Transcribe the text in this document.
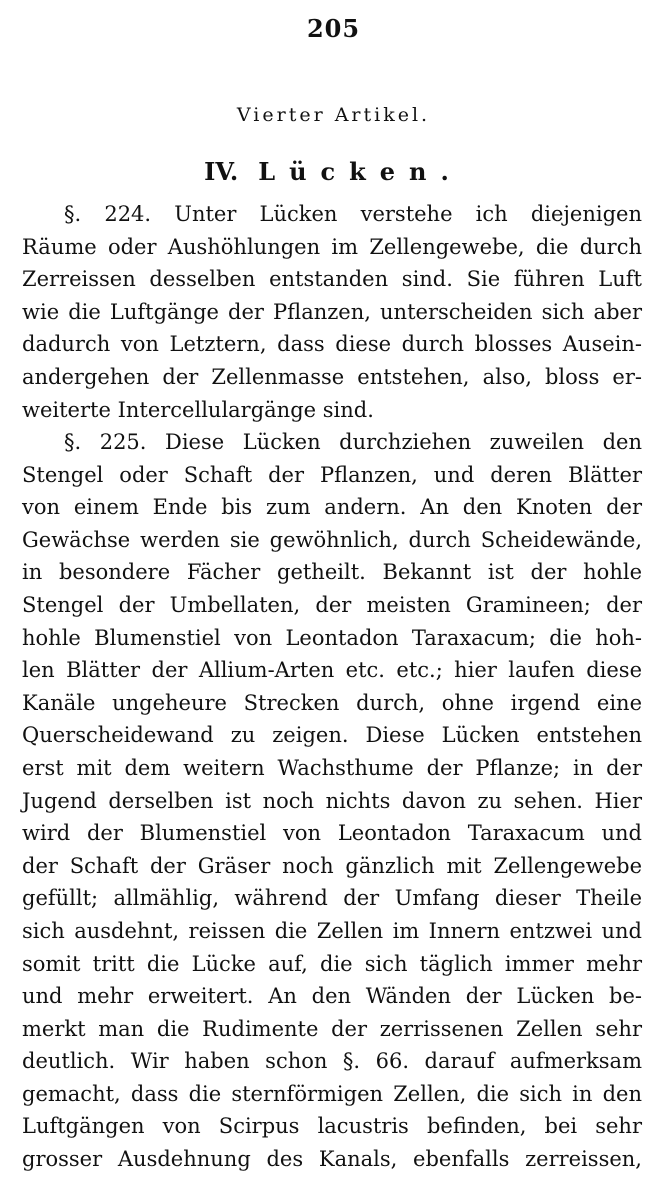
205
Vierter Artikel.
IV. Lücken.
§. 224. Unter Lücken verstehe ich diejenigen
Räume oder Aushöhlungen im Zellengewebe, die durch
Zerreissen desselben entstanden sind. Sie führen Luft
wie die Luftgänge der Pflanzen, unterscheiden sich aber
dadurch von Letztern, dass diese durch blosses Ausein-
andergehen der Zellenmasse entstehen, also, bloss er-
weiterte Intercellulargänge sind.
§. 225. Diese Lücken durchziehen zuweilen den
Stengel oder Schaft der Pflanzen, und deren Blätter
von einem Ende bis zum andern. An den Knoten der
Gewächse werden sie gewöhnlich, durch Scheidewände,
in besondere Fächer getheilt. Bekannt ist der hohle
Stengel der Umbellaten, der meisten Gramineen; der
hohle Blumenstiel von Leontadon Taraxacum; die hoh-
len Blätter der Allium-Arten etc. etc.; hier laufen diese
Kanäle ungeheure Strecken durch, ohne irgend eine
Querscheidewand zu zeigen. Diese Lücken entstehen
erst mit dem weitern Wachsthume der Pflanze; in der
Jugend derselben ist noch nichts davon zu sehen. Hier
wird der Blumenstiel von Leontadon Taraxacum und
der Schaft der Gräser noch gänzlich mit Zellengewebe
gefüllt; allmählig, während der Umfang dieser Theile
sich ausdehnt, reissen die Zellen im Innern entzwei und
somit tritt die Lücke auf, die sich täglich immer mehr
und mehr erweitert. An den Wänden der Lücken be-
merkt man die Rudimente der zerrissenen Zellen sehr
deutlich. Wir haben schon §. 66. darauf aufmerksam
gemacht, dass die sternförmigen Zellen, die sich in den
Luftgängen von Scirpus lacustris befinden, bei sehr
grosser Ausdehnung des Kanals, ebenfalls zerreissen,
